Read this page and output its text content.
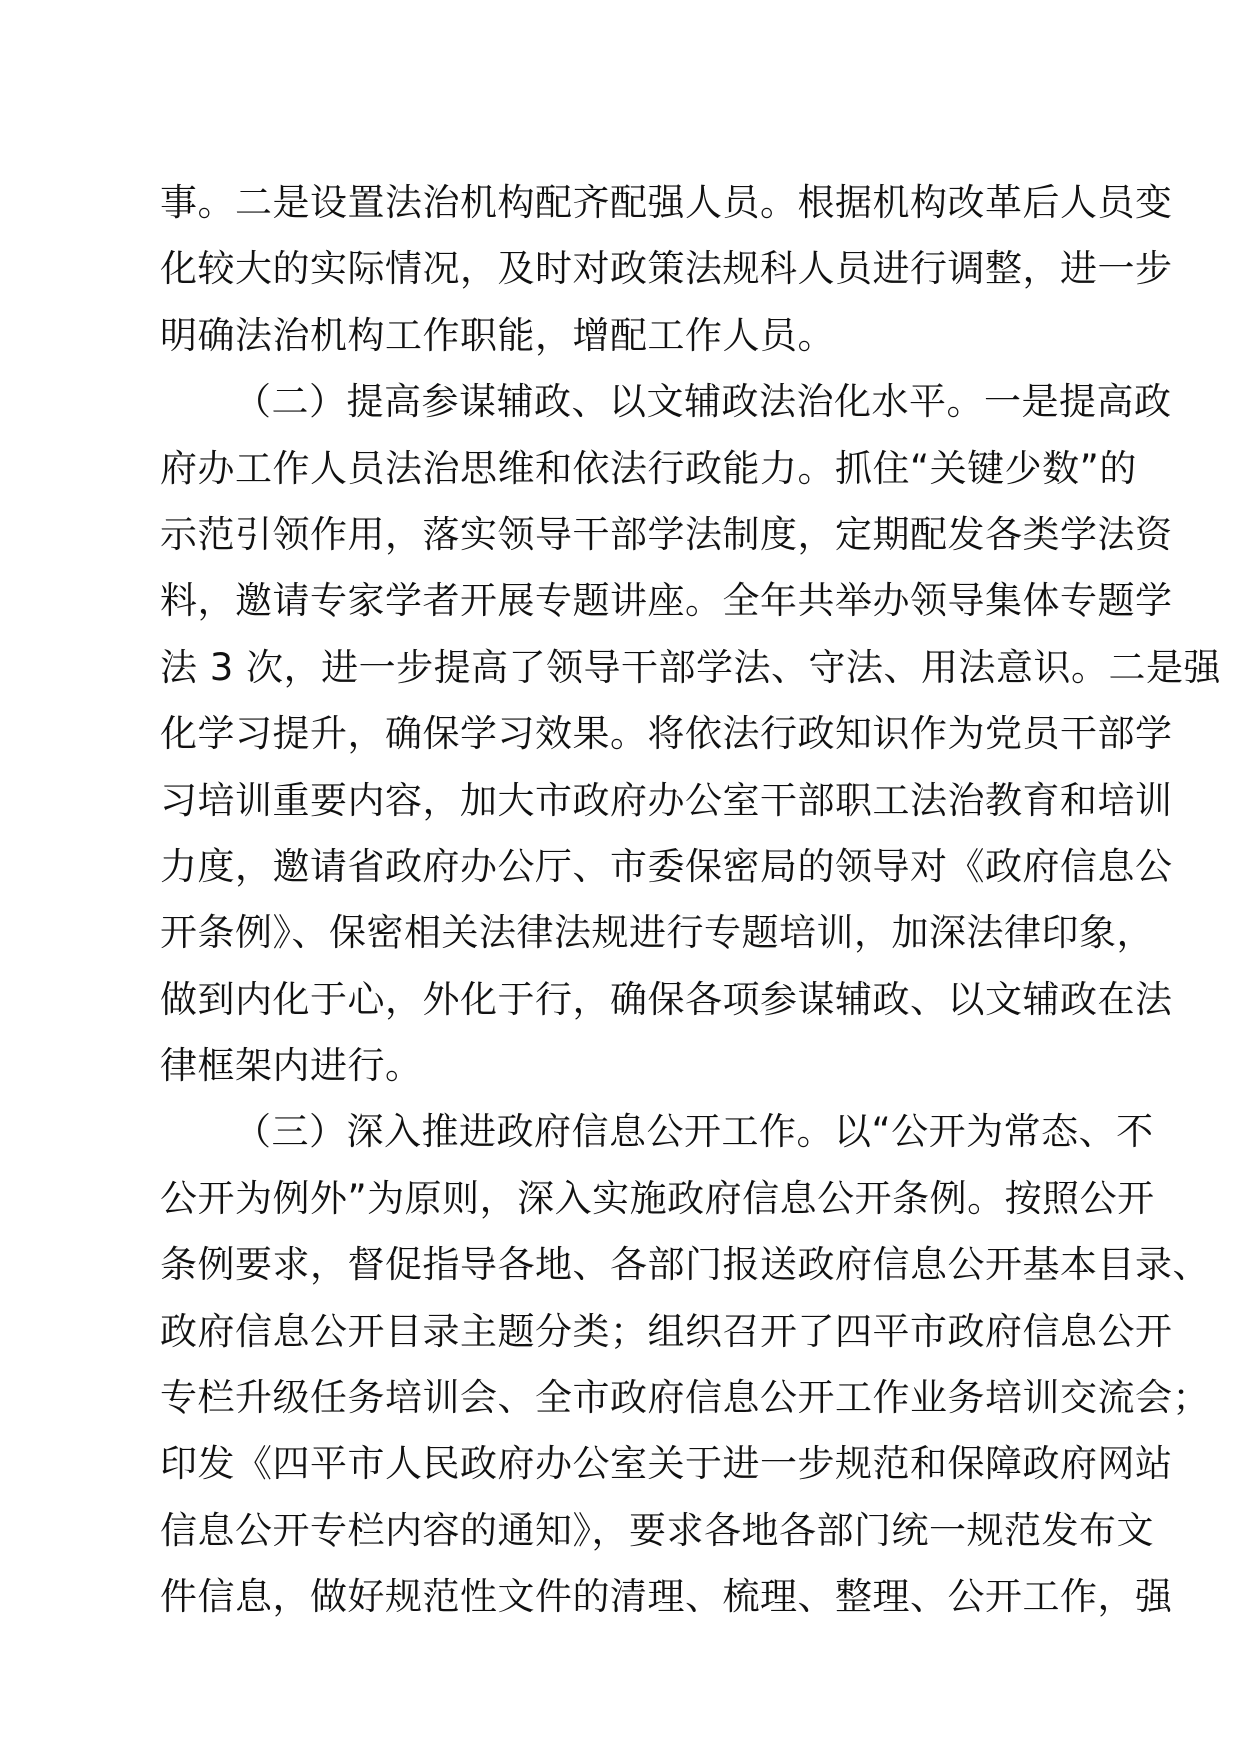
事。二是设置法治机构配齐配强人员。根据机构改革后人员变
化较大的实际情况，及时对政策法规科人员进行调整，进一步
明确法治机构工作职能，增配工作人员。
（二）提高参谋辅政、以文辅政法治化水平。一是提高政
府办工作人员法治思维和依法行政能力。抓住“关键少数”的
示范引领作用，落实领导干部学法制度，定期配发各类学法资
料，邀请专家学者开展专题讲座。全年共举办领导集体专题学
法 3 次，进一步提高了领导干部学法、守法、用法意识。二是强
化学习提升，确保学习效果。将依法行政知识作为党员干部学
习培训重要内容，加大市政府办公室干部职工法治教育和培训
力度，邀请省政府办公厅、市委保密局的领导对《政府信息公
开条例》、保密相关法律法规进行专题培训，加深法律印象，
做到内化于心，外化于行，确保各项参谋辅政、以文辅政在法
律框架内进行。
（三）深入推进政府信息公开工作。以“公开为常态、不
公开为例外”为原则，深入实施政府信息公开条例。按照公开
条例要求，督促指导各地、各部门报送政府信息公开基本目录、
政府信息公开目录主题分类；组织召开了四平市政府信息公开
专栏升级任务培训会、全市政府信息公开工作业务培训交流会；
印发《四平市人民政府办公室关于进一步规范和保障政府网站
信息公开专栏内容的通知》，要求各地各部门统一规范发布文
件信息，做好规范性文件的清理、梳理、整理、公开工作，强
